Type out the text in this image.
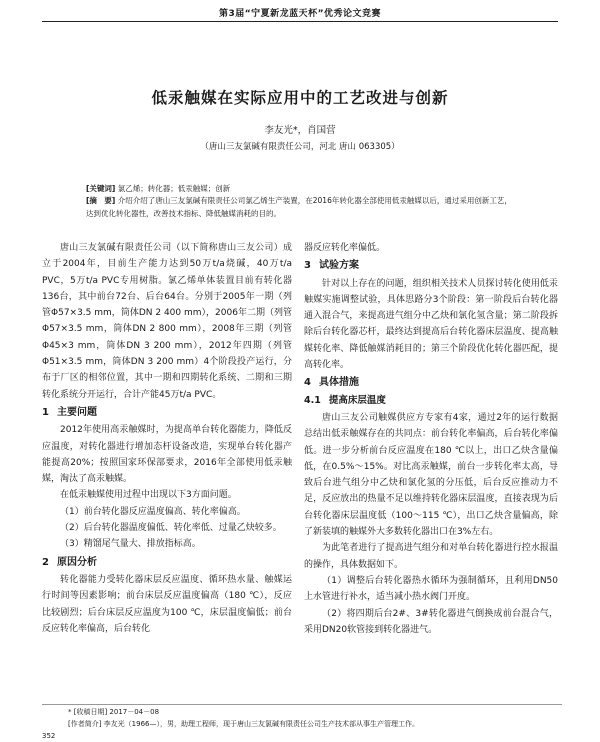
第3届“宁夏新龙蓝天杯”优秀论文竞赛
低汞触媒在实际应用中的工艺改进与创新
李友光*，肖国营
（唐山三友氯碱有限责任公司，河北 唐山 063305）
[关键词] 氯乙烯；转化器；低汞触媒；创新
[摘　要] 介绍介绍了唐山三友氯碱有限责任公司氯乙烯生产装置，在2016年转化器全部使用低汞触媒以后，通过采用创新工艺，达到优化转化器性，改善技术指标、降低触媒消耗的目的。

唐山三友氯碱有限责任公司（以下简称唐山三友公司）成立于2004年，目前生产能力达到50万t/a烧碱，40万t/a PVC，5万t/a PVC专用树脂。氯乙烯单体装置目前有转化器136台，其中前台72台、后台64台。分别于2005年一期（列管Φ57×3.5 mm，筒体DN 2 400 mm），2006年二期（列管Φ57×3.5 mm，筒体DN 2 800 mm），2008年三期（列管Φ45×3 mm，筒体DN 3 200 mm），2012年四期（列管Φ51×3.5 mm，筒体DN 3 200 mm）4个阶段投产运行，分布于厂区的相邻位置，其中一期和四期转化系统、二期和三期转化系统分开运行，合计产能45万t/a PVC。

1 主要问题

2012年使用高汞触媒时，为提高单台转化器能力，降低反应温度，对转化器进行增加态杆设备改造，实现单台转化器产能提高20%；按照国家环保部要求，2016年全部使用低汞触媒，淘汰了高汞触媒。

在低汞触媒使用过程中出现以下3方面问题。

（1）前台转化器反应温度偏高、转化率偏高。

（2）后台转化器温度偏低、转化率低、过量乙炔较多。

（3）精馏尾气量大、排放指标高。

2 原因分析

转化器能力受转化器床层反应温度、循环热水量、触媒运行时间等因素影响；前台床层反应温度偏高（180 ℃），反应比较剧烈；后台床层反应温度为100 ℃，床层温度偏低；前台反应转化率偏高，后台转化

器反应转化率偏低。

3 试验方案

针对以上存在的问题，组织相关技术人员探讨转化使用低汞触媒实施调整试验，具体思路分3个阶段：第一阶段后台转化器通入混合气，来提高进气组分中乙炔和氯化氢含量；第二阶段拆除后台转化器芯杆，最终达到提高后台转化器床层温度、提高触媒转化率、降低触媒消耗目的；第三个阶段优化转化器匹配，提高转化率。

4 具体措施
4.1 提高床层温度

唐山三友公司触媒供应方专家有4家，通过2年的运行数据总结出低汞触媒存在的共同点：前台转化率偏高，后台转化率偏低。进一步分析前台反应温度在180 ℃以上，出口乙炔含量偏低，在0.5%～15%。对比高汞触媒，前台一步转化率太高，导致后台进气组分中乙炔和氯化氢的分压低，后台反应推动力不足，反应放出的热量不足以维持转化器床层温度，直接表现为后台转化器床层温度低（100～115 ℃），出口乙炔含量偏高，除了新装填的触媒外大多数转化器出口在3%左右。

为此笔者进行了提高进气组分和对单台转化器进行控水报温的操作，具体数据如下。

（1）调整后台转化器热水循环为强制循环，且利用DN50上水管进行补水，适当减小热水阀门开度。

（2）将四期后台2#、3#转化器进气倒换成前台混合气，采用DN20软管接到转化器进气。

* [收稿日期] 2017－04－08
[作者简介] 李友光（1966—），男，助理工程师，现于唐山三友氯碱有限责任公司生产技术部从事生产管理工作。
352
